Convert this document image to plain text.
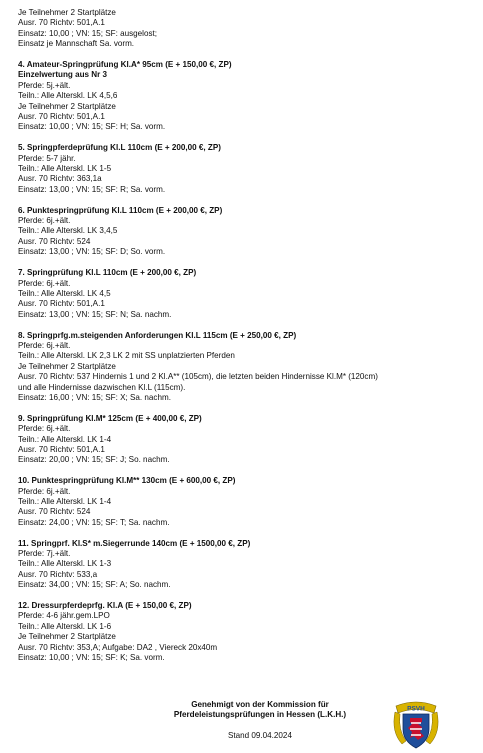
Je Teilnehmer 2 Startplätze
Ausr. 70 Richtv: 501,A.1
Einsatz: 10,00 ; VN: 15; SF: ausgelost;
Einsatz je Mannschaft Sa. vorm.
4. Amateur-Springprüfung Kl.A* 95cm (E + 150,00 €, ZP)
Einzelwertung aus Nr 3
Pferde: 5j.+ält.
Teiln.: Alle Alterskl. LK 4,5,6
Je Teilnehmer 2 Startplätze
Ausr. 70 Richtv: 501,A.1
Einsatz: 10,00 ; VN: 15; SF: H; Sa. vorm.
5. Springpferdeprüfung Kl.L 110cm (E + 200,00 €, ZP)
Pferde: 5-7 jähr.
Teiln.: Alle Alterskl. LK 1-5
Ausr. 70 Richtv: 363,1a
Einsatz: 13,00 ; VN: 15; SF: R; Sa. vorm.
6. Punktespringprüfung Kl.L 110cm (E + 200,00 €, ZP)
Pferde: 6j.+ält.
Teiln.: Alle Alterskl. LK 3,4,5
Ausr. 70 Richtv: 524
Einsatz: 13,00 ; VN: 15; SF: D; So. vorm.
7. Springprüfung Kl.L 110cm (E + 200,00 €, ZP)
Pferde: 6j.+ält.
Teiln.: Alle Alterskl. LK 4,5
Ausr. 70 Richtv: 501,A.1
Einsatz: 13,00 ; VN: 15; SF: N; Sa. nachm.
8. Springprfg.m.steigenden Anforderungen Kl.L 115cm (E + 250,00 €, ZP)
Pferde: 6j.+ält.
Teiln.: Alle Alterskl. LK 2,3 LK 2 mit SS unplatzierten Pferden
Je Teilnehmer 2 Startplätze
Ausr. 70 Richtv: 537 Hindernis 1 und 2 Kl.A** (105cm), die letzten beiden Hindernisse Kl.M* (120cm)
und alle Hindernisse dazwischen Kl.L (115cm).
Einsatz: 16,00 ; VN: 15; SF: X; Sa. nachm.
9. Springprüfung Kl.M* 125cm (E + 400,00 €, ZP)
Pferde: 6j.+ält.
Teiln.: Alle Alterskl. LK 1-4
Ausr. 70 Richtv: 501,A.1
Einsatz: 20,00 ; VN: 15; SF: J; So. nachm.
10. Punktespringprüfung Kl.M** 130cm (E + 600,00 €, ZP)
Pferde: 6j.+ält.
Teiln.: Alle Alterskl. LK 1-4
Ausr. 70 Richtv: 524
Einsatz: 24,00 ; VN: 15; SF: T; Sa. nachm.
11. Springprf. Kl.S* m.Siegerrunde 140cm (E + 1500,00 €, ZP)
Pferde: 7j.+ält.
Teiln.: Alle Alterskl. LK 1-3
Ausr. 70 Richtv: 533,a
Einsatz: 34,00 ; VN: 15; SF: A; So. nachm.
12. Dressurpferdeprfg. Kl.A (E + 150,00 €, ZP)
Pferde: 4-6 jähr.gem.LPO
Teiln.: Alle Alterskl. LK 1-6
Je Teilnehmer 2 Startplätze
Ausr. 70 Richtv: 353,A; Aufgabe: DA2 , Viereck 20x40m
Einsatz: 10,00 ; VN: 15; SF: K; Sa. vorm.
Genehmigt von der Kommission für
Pferdeleistungsprüfungen in Hessen (L.K.H.)
Stand 09.04.2024
PSVH
